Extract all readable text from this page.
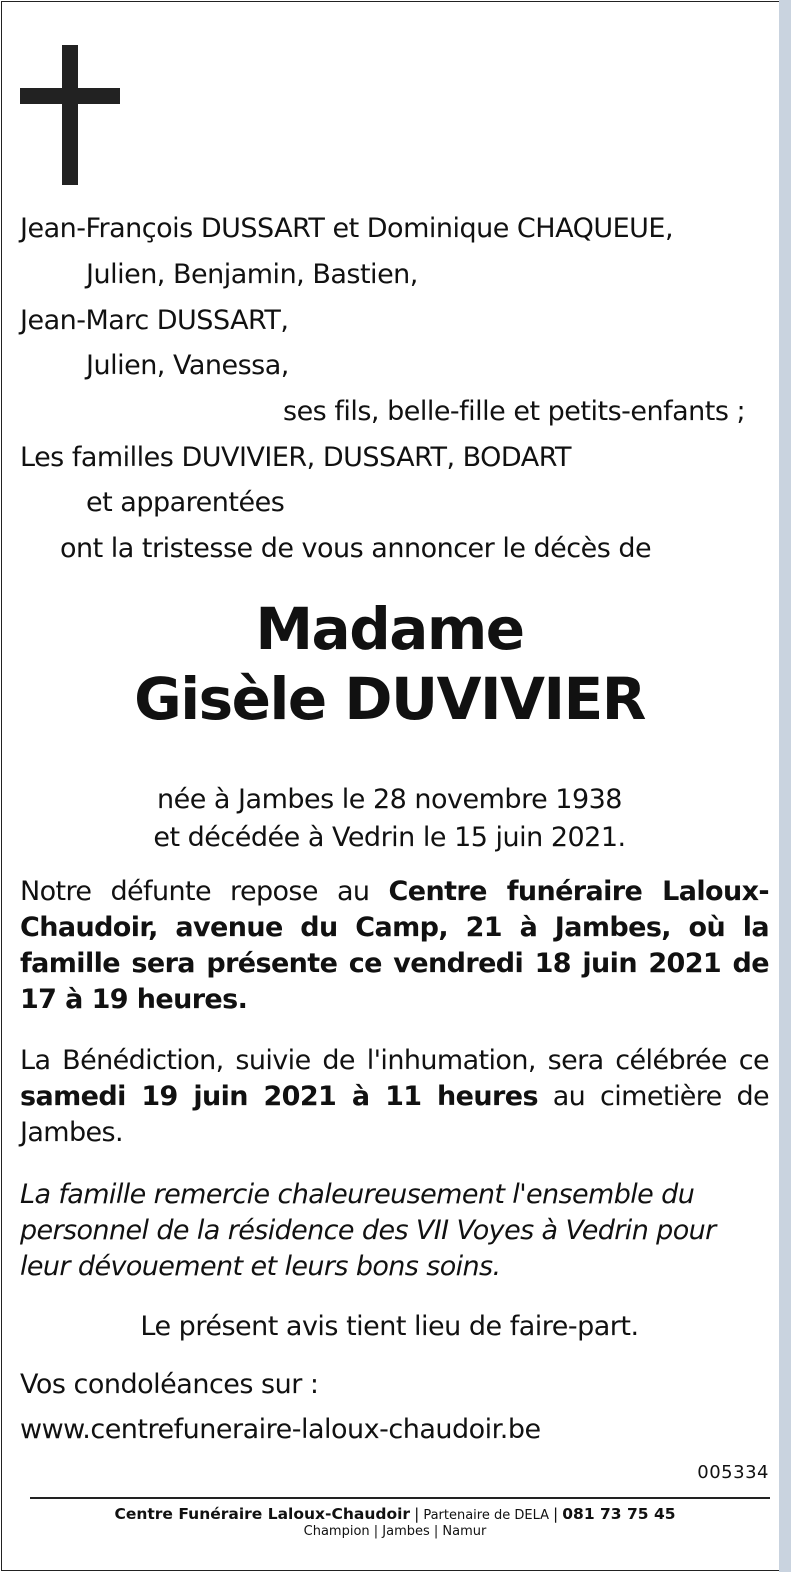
Jean-François DUSSART et Dominique CHAQUEUE,
Julien, Benjamin, Bastien,
Jean-Marc DUSSART,
Julien, Vanessa,
ses fils, belle-fille et petits-enfants ;
Les familles DUVIVIER, DUSSART, BODART
et apparentées
ont la tristesse de vous annoncer le décès de
Madame
Gisèle DUVIVIER
née à Jambes le 28 novembre 1938
et décédée à Vedrin le 15 juin 2021.
Notre défunte repose au Centre funéraire Laloux-Chaudoir, avenue du Camp, 21 à Jambes, où la famille sera présente ce vendredi 18 juin 2021 de 17 à 19 heures.
La Bénédiction, suivie de l'inhumation, sera célébrée ce samedi 19 juin 2021 à 11 heures au cimetière de Jambes.
La famille remercie chaleureusement l'ensemble du personnel de la résidence des VII Voyes à Vedrin pour leur dévouement et leurs bons soins.
Le présent avis tient lieu de faire-part.
Vos condoléances sur :
www.centrefuneraire-laloux-chaudoir.be
005334
Centre Funéraire Laloux-Chaudoir | Partenaire de DELA | 081 73 75 45
Champion | Jambes | Namur
